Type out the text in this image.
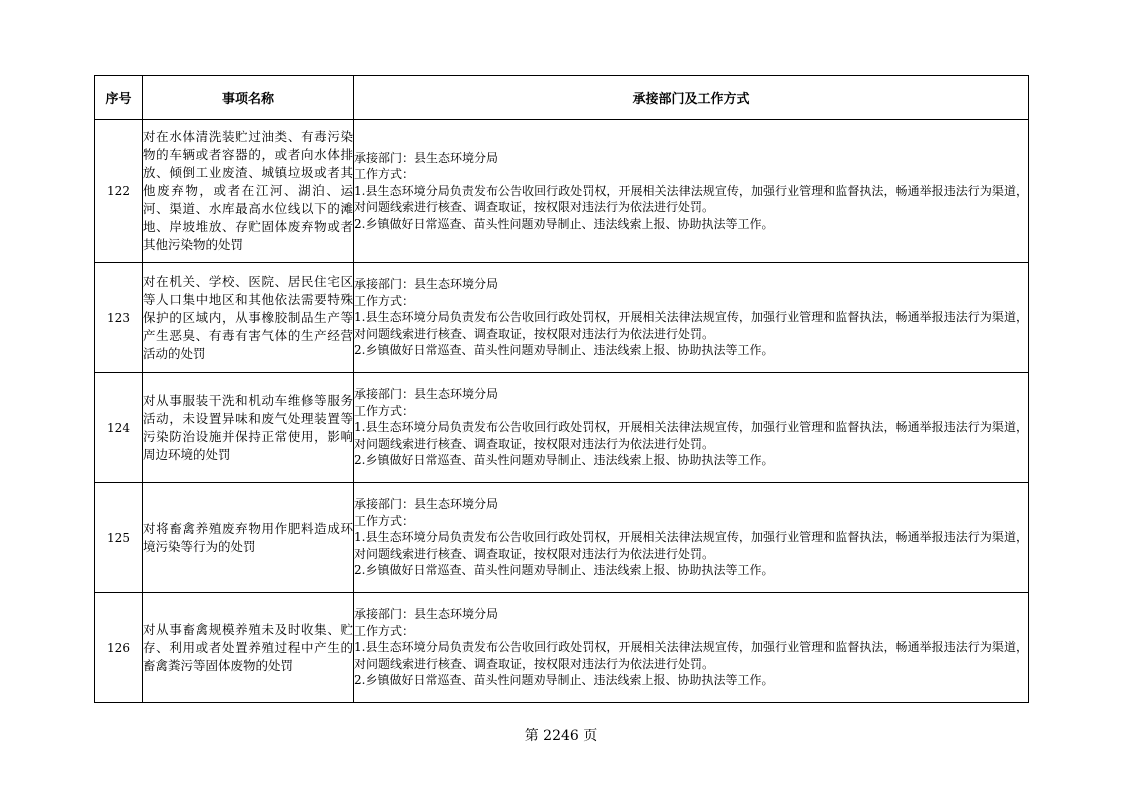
序号	事项名称	承接部门及工作方式
122	对在水体清洗装贮过油类、有毒污染物的车辆或者容器的，或者向水体排放、倾倒工业废渣、城镇垃圾或者其他废弃物，或者在江河、湖泊、运河、渠道、水库最高水位线以下的滩地、岸坡堆放、存贮固体废弃物或者其他污染物的处罚	承接部门：县生态环境分局
工作方式：
1.县生态环境分局负责发布公告收回行政处罚权，开展相关法律法规宣传，加强行业管理和监督执法，畅通举报违法行为渠道，对问题线索进行核查、调查取证，按权限对违法行为依法进行处罚。
2.乡镇做好日常巡查、苗头性问题劝导制止、违法线索上报、协助执法等工作。

123	对在机关、学校、医院、居民住宅区等人口集中地区和其他依法需要特殊保护的区域内，从事橡胶制品生产等产生恶臭、有毒有害气体的生产经营活动的处罚	承接部门：县生态环境分局
工作方式：
1.县生态环境分局负责发布公告收回行政处罚权，开展相关法律法规宣传，加强行业管理和监督执法，畅通举报违法行为渠道，对问题线索进行核查、调查取证，按权限对违法行为依法进行处罚。
2.乡镇做好日常巡查、苗头性问题劝导制止、违法线索上报、协助执法等工作。

124	对从事服装干洗和机动车维修等服务活动，未设置异味和废气处理装置等污染防治设施并保持正常使用，影响周边环境的处罚	承接部门：县生态环境分局
工作方式：
1.县生态环境分局负责发布公告收回行政处罚权，开展相关法律法规宣传，加强行业管理和监督执法，畅通举报违法行为渠道，对问题线索进行核查、调查取证，按权限对违法行为依法进行处罚。
2.乡镇做好日常巡查、苗头性问题劝导制止、违法线索上报、协助执法等工作。

125	对将畜禽养殖废弃物用作肥料造成环境污染等行为的处罚	承接部门：县生态环境分局
工作方式：
1.县生态环境分局负责发布公告收回行政处罚权，开展相关法律法规宣传，加强行业管理和监督执法，畅通举报违法行为渠道，对问题线索进行核查、调查取证，按权限对违法行为依法进行处罚。
2.乡镇做好日常巡查、苗头性问题劝导制止、违法线索上报、协助执法等工作。

126	对从事畜禽规模养殖未及时收集、贮存、利用或者处置养殖过程中产生的畜禽粪污等固体废物的处罚	承接部门：县生态环境分局
工作方式：
1.县生态环境分局负责发布公告收回行政处罚权，开展相关法律法规宣传，加强行业管理和监督执法，畅通举报违法行为渠道，对问题线索进行核查、调查取证，按权限对违法行为依法进行处罚。
2.乡镇做好日常巡查、苗头性问题劝导制止、违法线索上报、协助执法等工作。
第 2246 页
